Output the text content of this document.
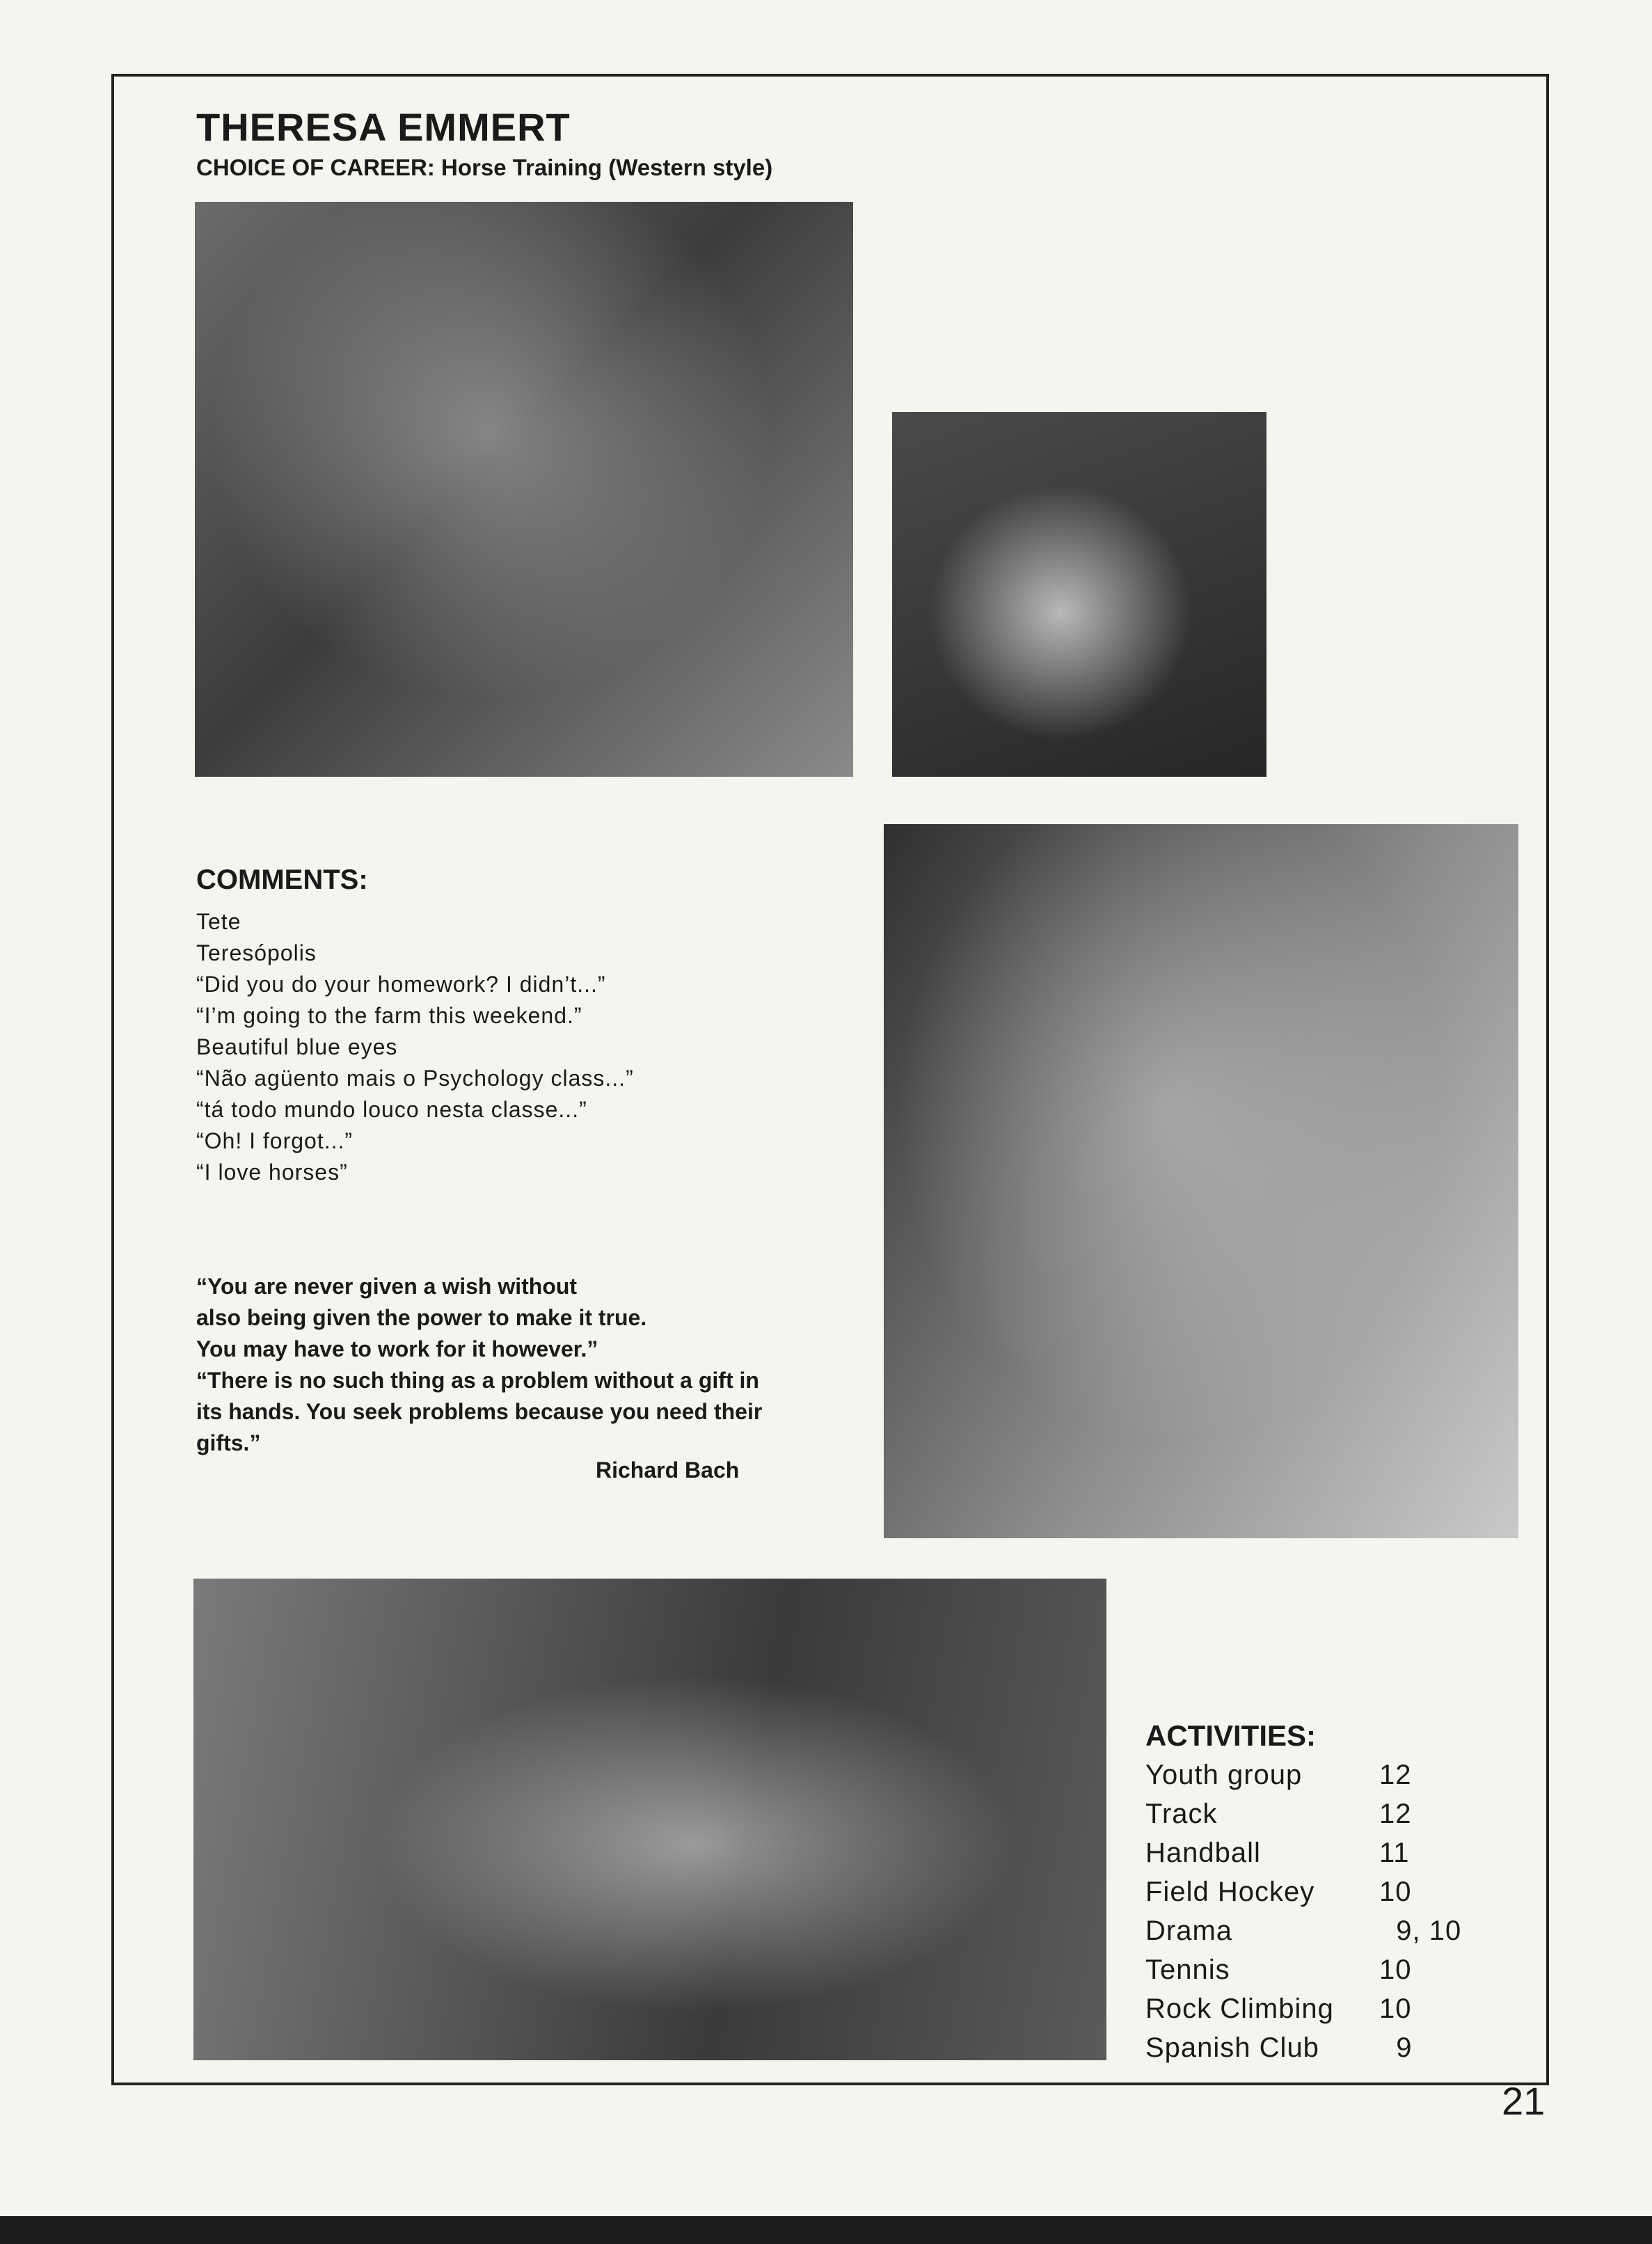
THERESA EMMERT
CHOICE OF CAREER: Horse Training (Western style)
COMMENTS:
Tete
Teresópolis
“Did you do your homework? I didn’t...”
“I’m going to the farm this weekend.”
Beautiful blue eyes
“Não agüento mais o Psychology class...”
“tá todo mundo louco nesta classe...”
“Oh! I forgot...”
“I love horses”
“You are never given a wish without
also being given the power to make it true.
You may have to work for it however.”
“There is no such thing as a problem without a gift in
its hands. You seek problems because you need their
gifts.”
Richard Bach
ACTIVITIES:
Youth group	12
Track	12
Handball	11
Field Hockey 10
Drama	9, 10
Tennis	10
Rock Climbing 10
Spanish Club 9
21
